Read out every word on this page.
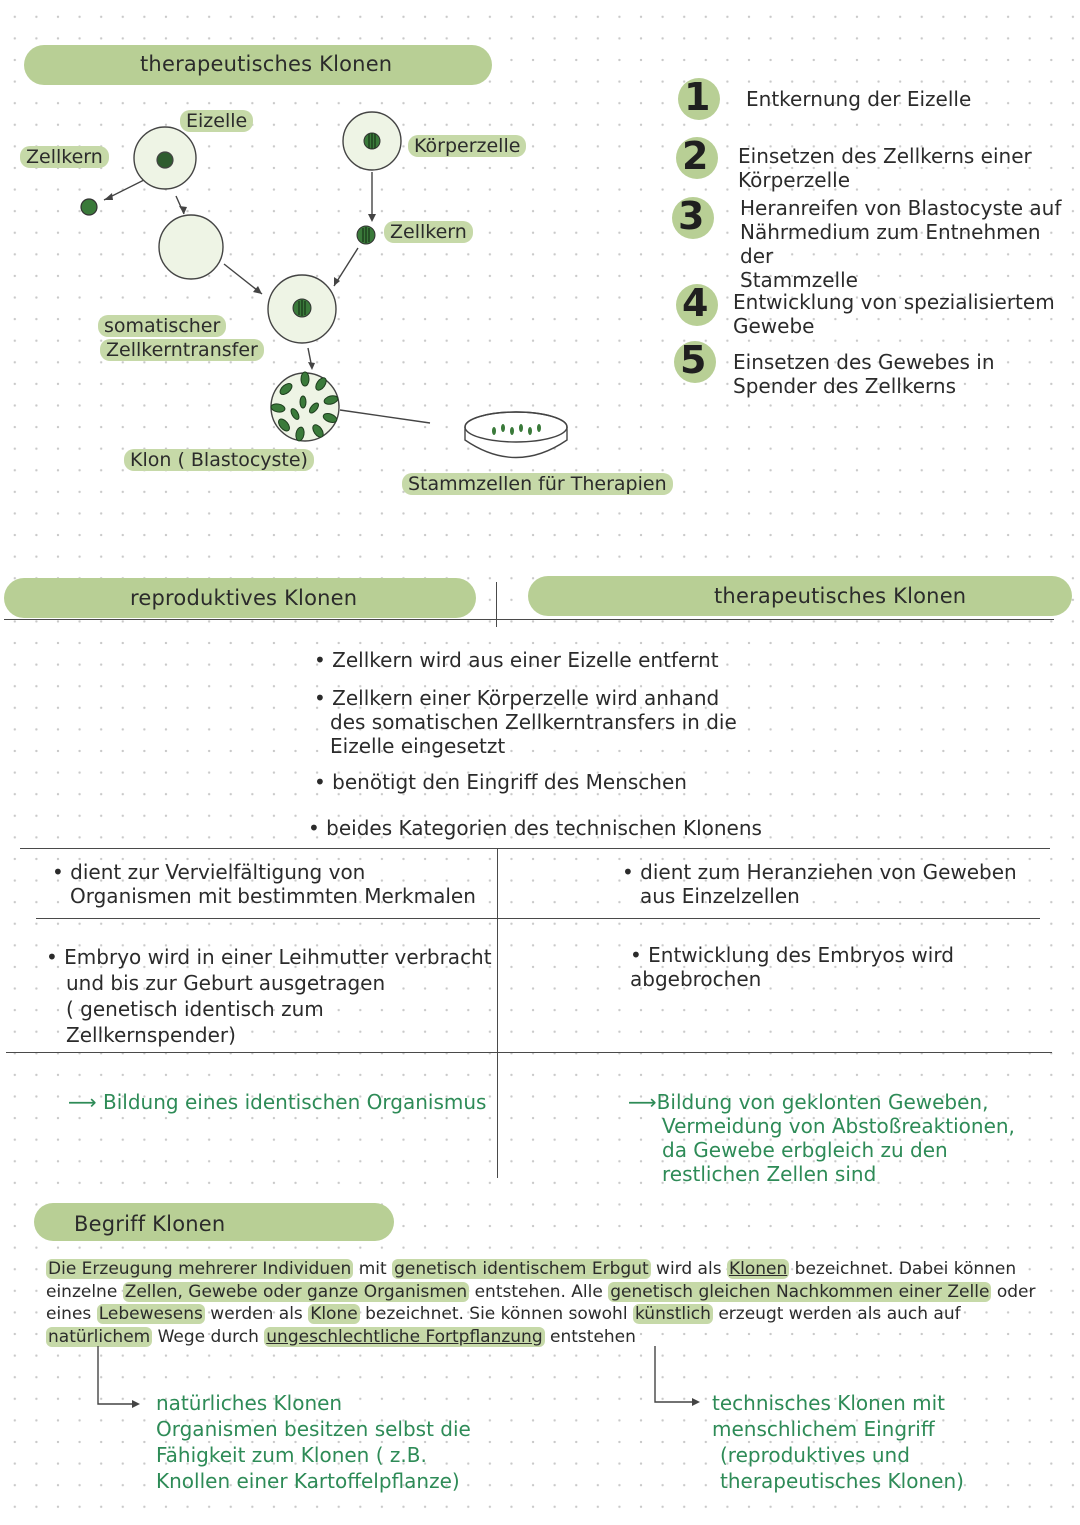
therapeutisches Klonen
Eizelle
Zellkern	Körperzelle
Zellkern
somatischer
Zellkerntransfer
Klon ( Blastocyste)
Stammzellen für Therapien
1 Entkernung der Eizelle
2 Einsetzen des Zellkerns einer
Körperzelle
3 Heranreifen von Blastocyste auf
Nährmedium zum Entnehmen der
Stammzelle
4 Entwicklung von spezialisiertem
Gewebe
5 Einsetzen des Gewebes in
Spender des Zellkerns
reproduktives Klonen	therapeutisches Klonen
• Zellkern wird aus einer Eizelle entfernt
• Zellkern einer Körperzelle wird anhand
des somatischen Zellkerntransfers in die
Eizelle eingesetzt
• benötigt den Eingriff des Menschen
• beides Kategorien des technischen Klonens
• dient zur Vervielfältigung von
Organismen mit bestimmten Merkmalen
• Embryo wird in einer Leihmutter verbracht
und bis zur Geburt ausgetragen
( genetisch identisch zum
Zellkernspender)
⟶ Bildung eines identischen Organismus
• dient zum Heranziehen von Geweben
aus Einzelzellen
• Entwicklung des Embryos wird abgebrochen
⟶Bildung von geklonten Geweben,
Vermeidung von Abstoßreaktionen,
da Gewebe erbgleich zu den
restlichen Zellen sind
Begriff Klonen
Die Erzeugung mehrerer Individuen mit genetisch identischem Erbgut wird als Klonen bezeichnet. Dabei können
einzelne Zellen, Gewebe oder ganze Organismen entstehen. Alle genetisch gleichen Nachkommen einer Zelle oder
eines Lebewesens werden als Klone bezeichnet. Sie können sowohl künstlich erzeugt werden als auch auf
natürlichem Wege durch ungeschlechtliche Fortpflanzung entstehen
natürliches Klonen
Organismen besitzen selbst die
Fähigkeit zum Klonen ( z.B.
Knollen einer Kartoffelpflanze)
technisches Klonen mit
menschlichem Eingriff
(reproduktives und
therapeutisches Klonen)
